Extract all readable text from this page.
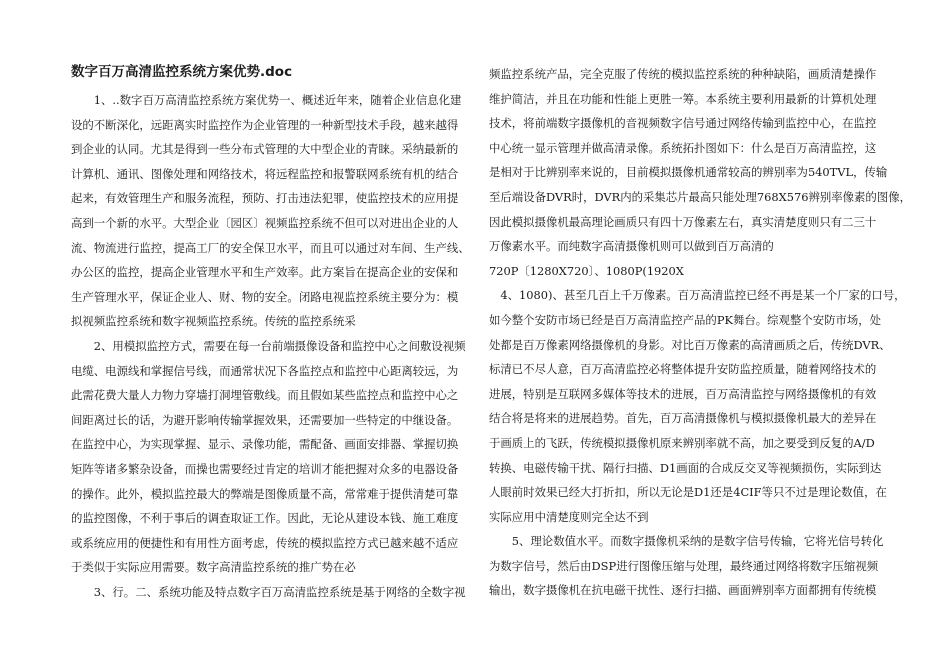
数字百万高清监控系统方案优势.doc
　　1、..数字百万高清监控系统方案优势一、概述近年来，随着企业信息化建
设的不断深化，远距离实时监控作为企业管理的一种新型技术手段，越来越得
到企业的认同。尤其是得到一些分布式管理的大中型企业的青睐。采纳最新的
计算机、通讯、图像处理和网络技术，将远程监控和报警联网系统有机的结合
起来，有效管理生产和服务流程，预防、打击违法犯罪，使监控技术的应用提
高到一个新的水平。大型企业〔园区〕视频监控系统不但可以对进出企业的人
流、物流进行监控，提高工厂的安全保卫水平，而且可以通过对车间、生产线、
办公区的监控，提高企业管理水平和生产效率。此方案旨在提高企业的安保和
生产管理水平，保证企业人、财、物的安全。闭路电视监控系统主要分为：模
拟视频监控系统和数字视频监控系统。传统的监控系统采
　　2、用模拟监控方式，需要在每一台前端摄像设备和监控中心之间敷设视频
电缆、电源线和掌握信号线，而通常状况下各监控点和监控中心距离较远，为
此需花费大量人力物力穿墙打洞埋管敷线。而且假如某些监控点和监控中心之
间距离过长的话，为避开影响传输掌握效果，还需要加一些特定的中继设备。
在监控中心，为实现掌握、显示、录像功能，需配备、画面安排器、掌握切换
矩阵等诸多繁杂设备，而操也需要经过肯定的培训才能把握对众多的电器设备
的操作。此外，模拟监控最大的弊端是图像质量不高，常常难于提供清楚可靠
的监控图像，不利于事后的调查取证工作。因此，无论从建设本钱、施工难度
或系统应用的便捷性和有用性方面考虑，传统的模拟监控方式已越来越不适应
于类似于实际应用需要。数字高清监控系统的推广势在必
　　3、行。二、系统功能及特点数字百万高清监控系统是基于网络的全数字视
频监控系统产品，完全克服了传统的模拟监控系统的种种缺陷，画质清楚操作
维护简洁，并且在功能和性能上更胜一筹。本系统主要利用最新的计算机处理
技术，将前端数字摄像机的音视频数字信号通过网络传输到监控中心，在监控
中心统一显示管理并做高清录像。系统拓扑图如下：什么是百万高清监控，这
是相对于比辨别率来说的，目前模拟摄像机通常较高的辨别率为540TVL，传输
至后端设备DVR时，DVR内的采集芯片最高只能处理768X576辨别率像素的图像，
因此模拟摄像机最高理论画质只有四十万像素左右，真实清楚度则只有二三十
万像素水平。而纯数字高清摄像机则可以做到百万高清的
720P〔1280X720〕、1080P(1920X
　4、1080)、甚至几百上千万像素。百万高清监控已经不再是某一个厂家的口号，
如今整个安防市场已经是百万高清监控产品的PK舞台。综观整个安防市场，处
处都是百万像素网络摄像机的身影。对比百万像素的高清画质之后，传统DVR、
标清已不尽人意，百万高清监控必将整体提升安防监控质量，随着网络技术的
进展，特别是互联网多媒体等技术的进展，百万高清监控与网络摄像机的有效
结合将是将来的进展趋势。首先，百万高清摄像机与模拟摄像机最大的差异在
于画质上的飞跃，传统模拟摄像机原来辨别率就不高，加之要受到反复的A/D
转换、电磁传输干扰、隔行扫描、D1画面的合成反交叉等视频损伤，实际到达
人眼前时效果已经大打折扣，所以无论是D1还是4CIF等只不过是理论数值，在
实际应用中清楚度则完全达不到
　　5、理论数值水平。而数字摄像机采纳的是数字信号传输，它将光信号转化
为数字信号，然后由DSP进行图像压缩与处理，最终通过网络将数字压缩视频
输出，数字摄像机在抗电磁干扰性、逐行扫描、画面辨别率方面都拥有传统模
